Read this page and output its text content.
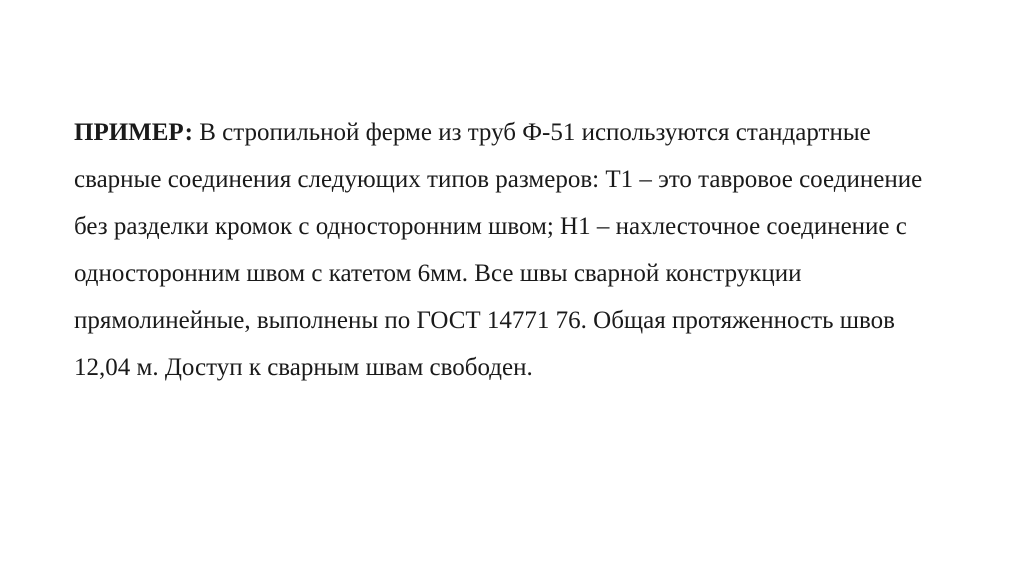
ПРИМЕР: В стропильной ферме из труб Ф-51 используются стандартные
сварные соединения следующих типов размеров: Т1 – это тавровое соединение
без разделки кромок с односторонним швом; Н1 – нахлесточное соединение с
односторонним швом с катетом 6мм. Все швы сварной конструкции
прямолинейные, выполнены по ГОСТ 14771 76. Общая протяженность швов
12,04 м. Доступ к сварным швам свободен.
